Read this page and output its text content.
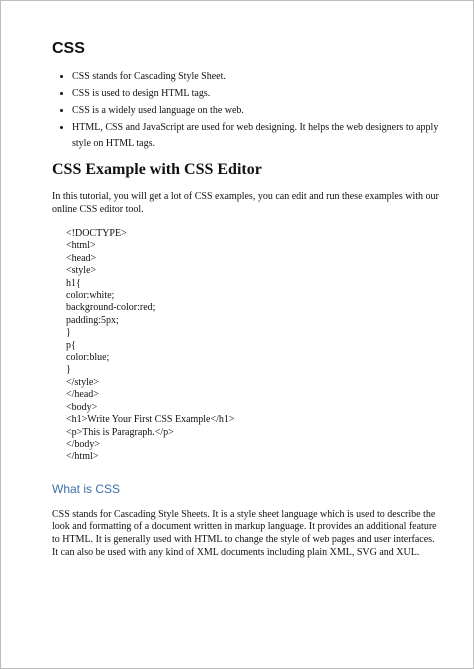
CSS
• CSS stands for Cascading Style Sheet.
• CSS is used to design HTML tags.
• CSS is a widely used language on the web.
• HTML, CSS and JavaScript are used for web designing. It helps the web designers to apply style on HTML tags.
CSS Example with CSS Editor

In this tutorial, you will get a lot of CSS examples, you can edit and run these examples with our online CSS editor tool.

<!DOCTYPE>
<html>
<head>
<style>
h1{
color:white;
background-color:red;
padding:5px;
}
p{
color:blue;
}
</style>
</head>
<body>
<h1>Write Your First CSS Example</h1>
<p>This is Paragraph.</p>
</body>
</html>
What is CSS

CSS stands for Cascading Style Sheets. It is a style sheet language which is used to describe the look and formatting of a document written in markup language. It provides an additional feature to HTML. It is generally used with HTML to change the style of web pages and user interfaces. It can also be used with any kind of XML documents including plain XML, SVG and XUL.
